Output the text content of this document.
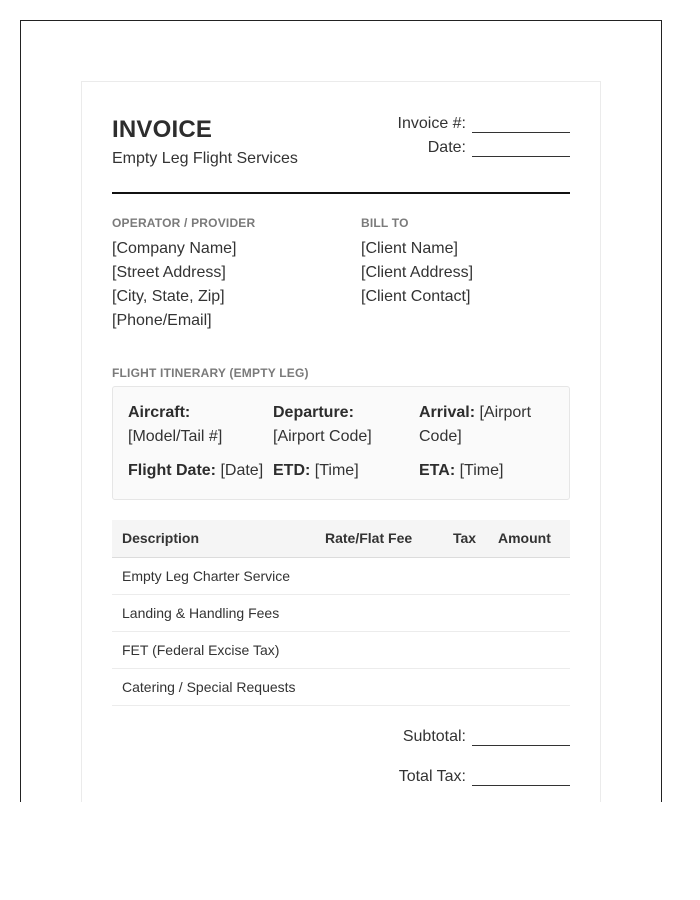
INVOICE
Empty Leg Flight Services
Invoice #:
Date:
OPERATOR / PROVIDER
[Company Name]
[Street Address]
[City, State, Zip]
[Phone/Email]
BILL TO
[Client Name]
[Client Address]
[Client Contact]
FLIGHT ITINERARY (EMPTY LEG)
Aircraft:
[Model/Tail #]
Departure:
[Airport Code]
Arrival: [Airport Code]
Flight Date: [Date] ETD: [Time]	ETA: [Time]
Description	Rate/Flat Fee	Tax	Amount
Empty Leg Charter Service			
Landing & Handling Fees			
FET (Federal Excise Tax)			
Catering / Special Requests			
Subtotal:
Total Tax:
